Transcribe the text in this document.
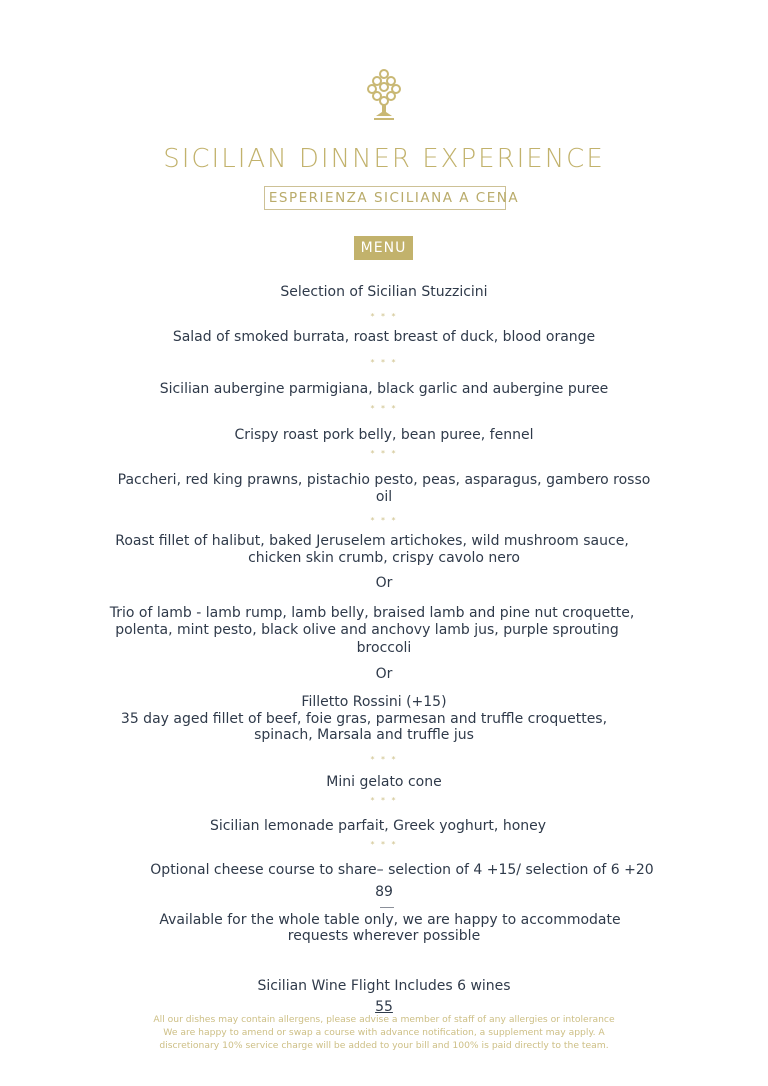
SICILIAN DINNER EXPERIENCE
ESPERIENZA SICILIANA A CENA
MENU
Selection of Sicilian Stuzzicini
* * *
Salad of smoked burrata, roast breast of duck, blood orange
* * *
Sicilian aubergine parmigiana, black garlic and aubergine puree
* * *
Crispy roast pork belly, bean puree, fennel
* * *
Paccheri, red king prawns, pistachio pesto, peas, asparagus, gambero rosso
oil
* * *
Roast fillet of halibut, baked Jeruselem artichokes, wild mushroom sauce,
chicken skin crumb, crispy cavolo nero
Or
Trio of lamb - lamb rump, lamb belly, braised lamb and pine nut croquette,
polenta, mint pesto, black olive and anchovy lamb jus, purple sprouting
broccoli
Or
Filletto Rossini (+15)
35 day aged fillet of beef, foie gras, parmesan and truffle croquettes,
spinach, Marsala and truffle jus
* * *
Mini gelato cone
* * *
Sicilian lemonade parfait, Greek yoghurt, honey
* * *
Optional cheese course to share– selection of 4 +15/ selection of 6 +20
89
Available for the whole table only, we are happy to accommodate
requests wherever possible
Sicilian Wine Flight Includes 6 wines
55
All our dishes may contain allergens, please advise a member of staff of any allergies or intolerance
We are happy to amend or swap a course with advance notification, a supplement may apply. A
discretionary 10% service charge will be added to your bill and 100% is paid directly to the team.
